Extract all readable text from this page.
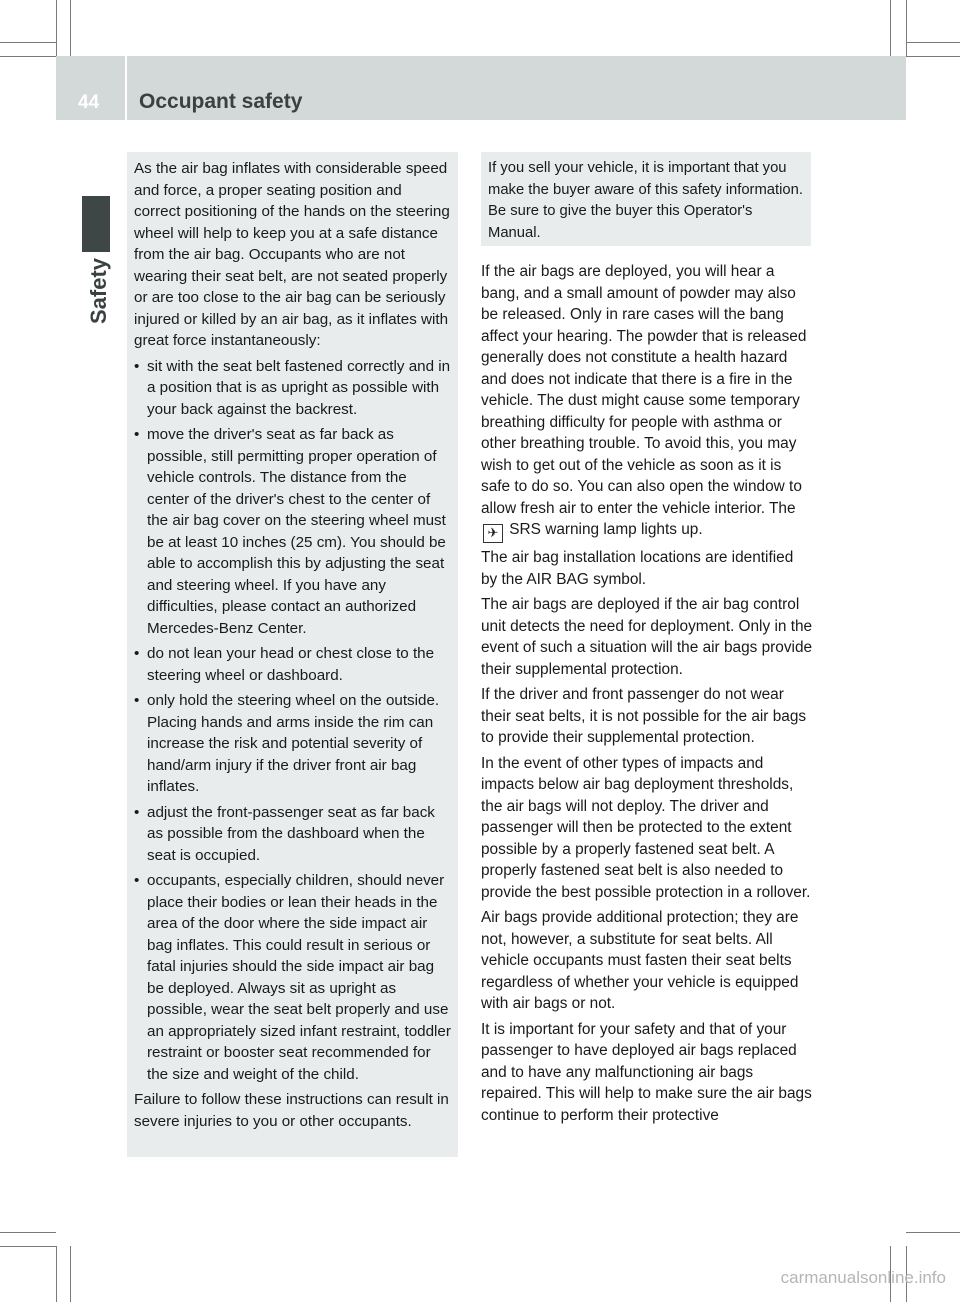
44 Occupant safety
Safety

As the air bag inflates with considerable speed and force, a proper seating position and correct positioning of the hands on the steering wheel will help to keep you at a safe distance from the air bag. Occupants who are not wearing their seat belt, are not seated properly or are too close to the air bag can be seriously injured or killed by an air bag, as it inflates with great force instantaneously:

• sit with the seat belt fastened correctly and in a position that is as upright as possible with your back against the backrest.
• move the driver's seat as far back as possible, still permitting proper operation of vehicle controls. The distance from the center of the driver's chest to the center of the air bag cover on the steering wheel must be at least 10 inches (25 cm). You should be able to accomplish this by adjusting the seat and steering wheel. If you have any difficulties, please contact an authorized Mercedes-Benz Center.
• do not lean your head or chest close to the steering wheel or dashboard.
• only hold the steering wheel on the outside. Placing hands and arms inside the rim can increase the risk and potential severity of hand/arm injury if the driver front air bag inflates.
• adjust the front-passenger seat as far back as possible from the dashboard when the seat is occupied.
• occupants, especially children, should never place their bodies or lean their heads in the area of the door where the side impact air bag inflates. This could result in serious or fatal injuries should the side impact air bag be deployed. Always sit as upright as possible, wear the seat belt properly and use an appropriately sized infant restraint, toddler restraint or booster seat recommended for the size and weight of the child.

Failure to follow these instructions can result in severe injuries to you or other occupants.

If you sell your vehicle, it is important that you make the buyer aware of this safety information. Be sure to give the buyer this Operator's Manual.

If the air bags are deployed, you will hear a bang, and a small amount of powder may also be released. Only in rare cases will the bang affect your hearing. The powder that is released generally does not constitute a health hazard and does not indicate that there is a fire in the vehicle. The dust might cause some temporary breathing difficulty for people with asthma or other breathing trouble. To avoid this, you may wish to get out of the vehicle as soon as it is safe to do so. You can also open the window to allow fresh air to enter the vehicle interior. The ✈ SRS warning lamp lights up.

The air bag installation locations are identified by the AIR BAG symbol.

The air bags are deployed if the air bag control unit detects the need for deployment. Only in the event of such a situation will the air bags provide their supplemental protection.

If the driver and front passenger do not wear their seat belts, it is not possible for the air bags to provide their supplemental protection.

In the event of other types of impacts and impacts below air bag deployment thresholds, the air bags will not deploy. The driver and passenger will then be protected to the extent possible by a properly fastened seat belt. A properly fastened seat belt is also needed to provide the best possible protection in a rollover.

Air bags provide additional protection; they are not, however, a substitute for seat belts. All vehicle occupants must fasten their seat belts regardless of whether your vehicle is equipped with air bags or not.

It is important for your safety and that of your passenger to have deployed air bags replaced and to have any malfunctioning air bags repaired. This will help to make sure the air bags continue to perform their protective

carmanualsonline.info
